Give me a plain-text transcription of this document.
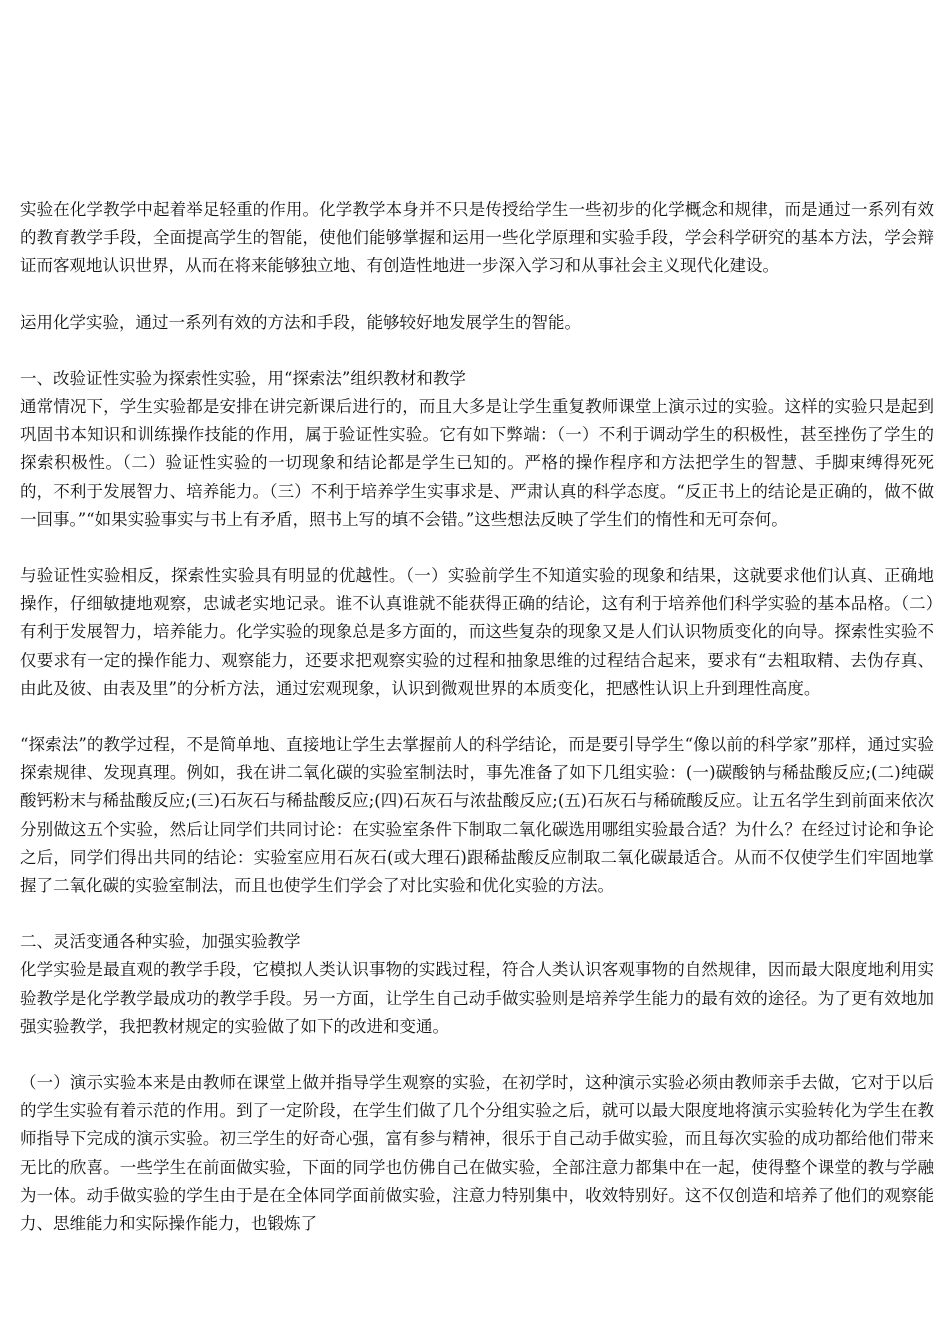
实验在化学教学中起着举足轻重的作用。化学教学本身并不只是传授给学生一些初步的化学概念和规律，而是通过一系列有效的教育教学手段，全面提高学生的智能，使他们能够掌握和运用一些化学原理和实验手段，学会科学研究的基本方法，学会辩证而客观地认识世界，从而在将来能够独立地、有创造性地进一步深入学习和从事社会主义现代化建设。

运用化学实验，通过一系列有效的方法和手段，能够较好地发展学生的智能。

一、改验证性实验为探索性实验，用“探索法”组织教材和教学

通常情况下，学生实验都是安排在讲完新课后进行的，而且大多是让学生重复教师课堂上演示过的实验。这样的实验只是起到巩固书本知识和训练操作技能的作用，属于验证性实验。它有如下弊端：（一）不利于调动学生的积极性，甚至挫伤了学生的探索积极性。（二）验证性实验的一切现象和结论都是学生已知的。严格的操作程序和方法把学生的智慧、手脚束缚得死死的，不利于发展智力、培养能力。（三）不利于培养学生实事求是、严肃认真的科学态度。“反正书上的结论是正确的，做不做一回事。”“如果实验事实与书上有矛盾，照书上写的填不会错。”这些想法反映了学生们的惰性和无可奈何。

与验证性实验相反，探索性实验具有明显的优越性。（一）实验前学生不知道实验的现象和结果，这就要求他们认真、正确地操作，仔细敏捷地观察，忠诚老实地记录。谁不认真谁就不能获得正确的结论，这有利于培养他们科学实验的基本品格。（二）有利于发展智力，培养能力。化学实验的现象总是多方面的，而这些复杂的现象又是人们认识物质变化的向导。探索性实验不仅要求有一定的操作能力、观察能力，还要求把观察实验的过程和抽象思维的过程结合起来，要求有“去粗取精、去伪存真、由此及彼、由表及里”的分析方法，通过宏观现象，认识到微观世界的本质变化，把感性认识上升到理性高度。

“探索法”的教学过程，不是简单地、直接地让学生去掌握前人的科学结论，而是要引导学生“像以前的科学家”那样，通过实验探索规律、发现真理。例如，我在讲二氧化碳的实验室制法时，事先准备了如下几组实验：(一)碳酸钠与稀盐酸反应;(二)纯碳酸钙粉末与稀盐酸反应;(三)石灰石与稀盐酸反应;(四)石灰石与浓盐酸反应;(五)石灰石与稀硫酸反应。让五名学生到前面来依次分别做这五个实验，然后让同学们共同讨论：在实验室条件下制取二氧化碳选用哪组实验最合适？为什么？在经过讨论和争论之后，同学们得出共同的结论：实验室应用石灰石(或大理石)跟稀盐酸反应制取二氧化碳最适合。从而不仅使学生们牢固地掌握了二氧化碳的实验室制法，而且也使学生们学会了对比实验和优化实验的方法。

二、灵活变通各种实验，加强实验教学

化学实验是最直观的教学手段，它模拟人类认识事物的实践过程，符合人类认识客观事物的自然规律，因而最大限度地利用实验教学是化学教学最成功的教学手段。另一方面，让学生自己动手做实验则是培养学生能力的最有效的途径。为了更有效地加强实验教学，我把教材规定的实验做了如下的改进和变通。

（一）演示实验本来是由教师在课堂上做并指导学生观察的实验，在初学时，这种演示实验必须由教师亲手去做，它对于以后的学生实验有着示范的作用。到了一定阶段，在学生们做了几个分组实验之后，就可以最大限度地将演示实验转化为学生在教师指导下完成的演示实验。初三学生的好奇心强，富有参与精神，很乐于自己动手做实验，而且每次实验的成功都给他们带来无比的欣喜。一些学生在前面做实验，下面的同学也仿佛自己在做实验，全部注意力都集中在一起，使得整个课堂的教与学融为一体。动手做实验的学生由于是在全体同学面前做实验，注意力特别集中，收效特别好。这不仅创造和培养了他们的观察能力、思维能力和实际操作能力，也锻炼了
